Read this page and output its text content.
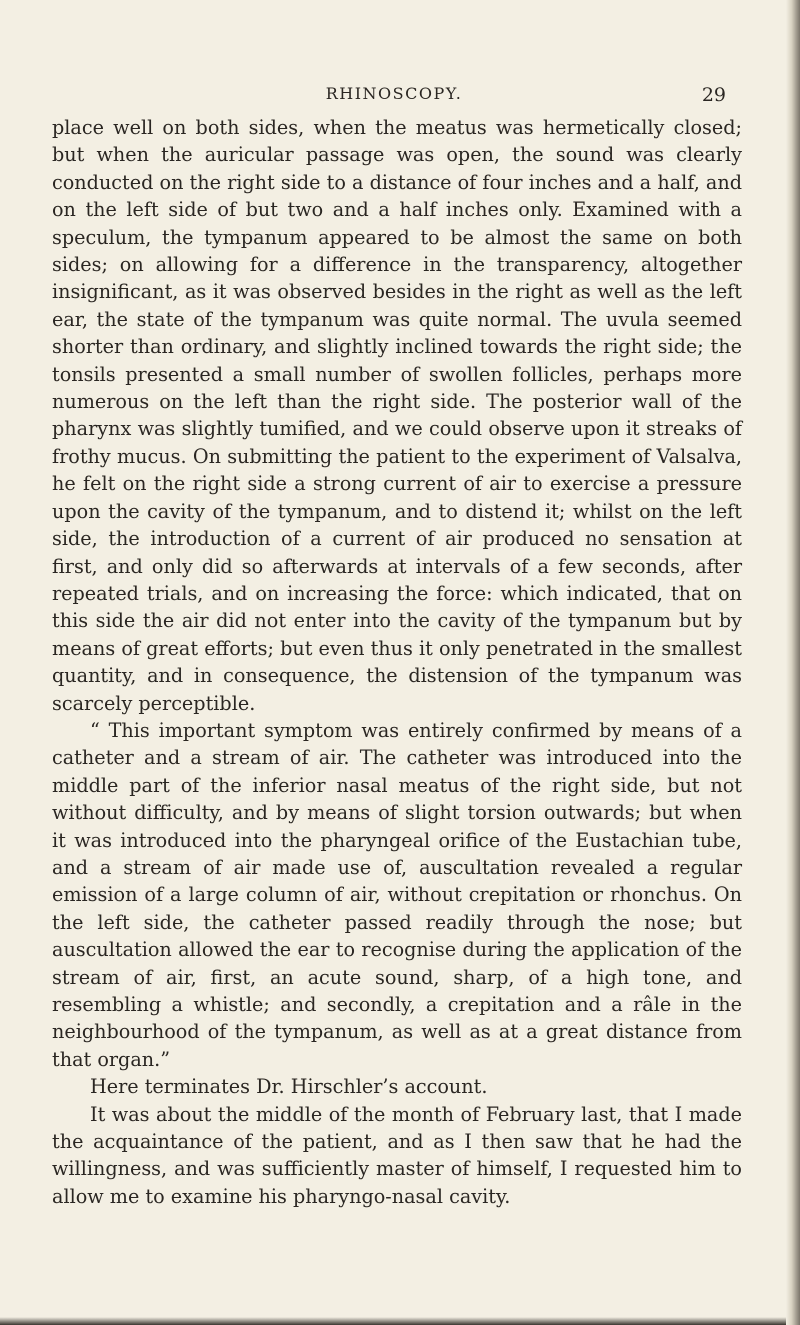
RHINOSCOPY.	29

place well on both sides, when the meatus was hermetically closed; but when the auricular passage was open, the sound was clearly conducted on the right side to a distance of four inches and a half, and on the left side of but two and a half inches only. Examined with a speculum, the tympanum appeared to be almost the same on both sides; on allowing for a difference in the transparency, altogether insignificant, as it was observed besides in the right as well as the left ear, the state of the tympanum was quite normal. The uvula seemed shorter than ordinary, and slightly inclined towards the right side; the tonsils presented a small number of swollen follicles, perhaps more numerous on the left than the right side. The posterior wall of the pharynx was slightly tumified, and we could observe upon it streaks of frothy mucus. On submitting the patient to the experiment of Valsalva, he felt on the right side a strong current of air to exercise a pressure upon the cavity of the tympanum, and to distend it; whilst on the left side, the introduction of a current of air produced no sensation at first, and only did so afterwards at intervals of a few seconds, after repeated trials, and on increasing the force: which indicated, that on this side the air did not enter into the cavity of the tympanum but by means of great efforts; but even thus it only penetrated in the smallest quantity, and in consequence, the distension of the tympanum was scarcely perceptible.

“ This important symptom was entirely confirmed by means of a catheter and a stream of air. The catheter was introduced into the middle part of the inferior nasal meatus of the right side, but not without difficulty, and by means of slight torsion outwards; but when it was introduced into the pharyngeal orifice of the Eustachian tube, and a stream of air made use of, auscultation revealed a regular emission of a large column of air, without crepitation or rhonchus. On the left side, the catheter passed readily through the nose; but auscultation allowed the ear to recognise during the application of the stream of air, first, an acute sound, sharp, of a high tone, and resembling a whistle; and secondly, a crepitation and a râle in the neighbourhood of the tympanum, as well as at a great distance from that organ.”

Here terminates Dr. Hirschler’s account.

It was about the middle of the month of February last, that I made the acquaintance of the patient, and as I then saw that he had the willingness, and was sufficiently master of himself, I requested him to allow me to examine his pharyngo-nasal cavity.
